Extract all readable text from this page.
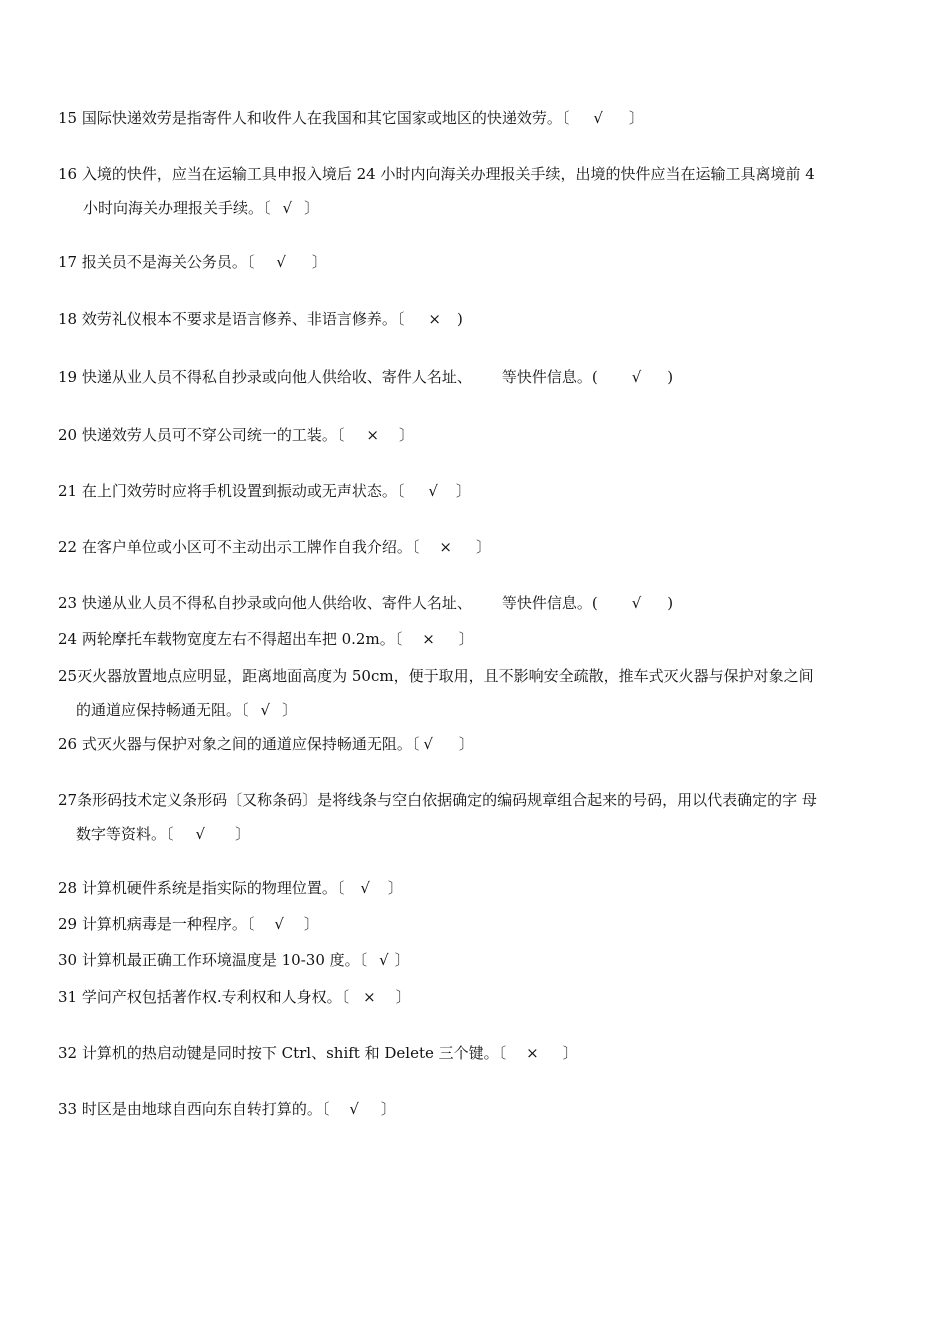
15 国际快递效劳是指寄件人和收件人在我国和其它国家或地区的快递效劳。〔 √ 〕
16 入境的快件，应当在运输工具申报入境后 24 小时内向海关办理报关手续，出境的快件应当在运输工具离境前 4
小时向海关办理报关手续。〔 √ 〕
17 报关员不是海关公务员。〔 √ 〕
18 效劳礼仪根本不要求是语言修养、非语言修养。〔 × )
19 快递从业人员不得私自抄录或向他人供给收、寄件人名址、 等快件信息。( √ )
20 快递效劳人员可不穿公司统一的工装。〔 × 〕
21 在上门效劳时应将手机设置到振动或无声状态。〔 √ 〕
22 在客户单位或小区可不主动出示工牌作自我介绍。〔 × 〕
23 快递从业人员不得私自抄录或向他人供给收、寄件人名址、 等快件信息。( √ )
24 两轮摩托车载物宽度左右不得超出车把 0.2m。〔 × 〕
25灭火器放置地点应明显，距离地面高度为 50cm，便于取用，且不影响安全疏散，推车式灭火器与保护对象之间
的通道应保持畅通无阻。〔 √ 〕
26 式灭火器与保护对象之间的通道应保持畅通无阻。〔 √ 〕
27条形码技术定义条形码〔又称条码〕是将线条与空白依据确定的编码规章组合起来的号码，用以代表确定的字 母
数字等资料。〔 √ 〕
28 计算机硬件系统是指实际的物理位置。〔 √ 〕
29 计算机病毒是一种程序。〔 √ 〕
30 计算机最正确工作环境温度是 10-30 度。〔 √ 〕
31 学问产权包括著作权.专利权和人身权。〔 × 〕
32 计算机的热启动键是同时按下 Ctrl、shift 和 Delete 三个键。〔 × 〕
33 时区是由地球自西向东自转打算的。〔 √ 〕
